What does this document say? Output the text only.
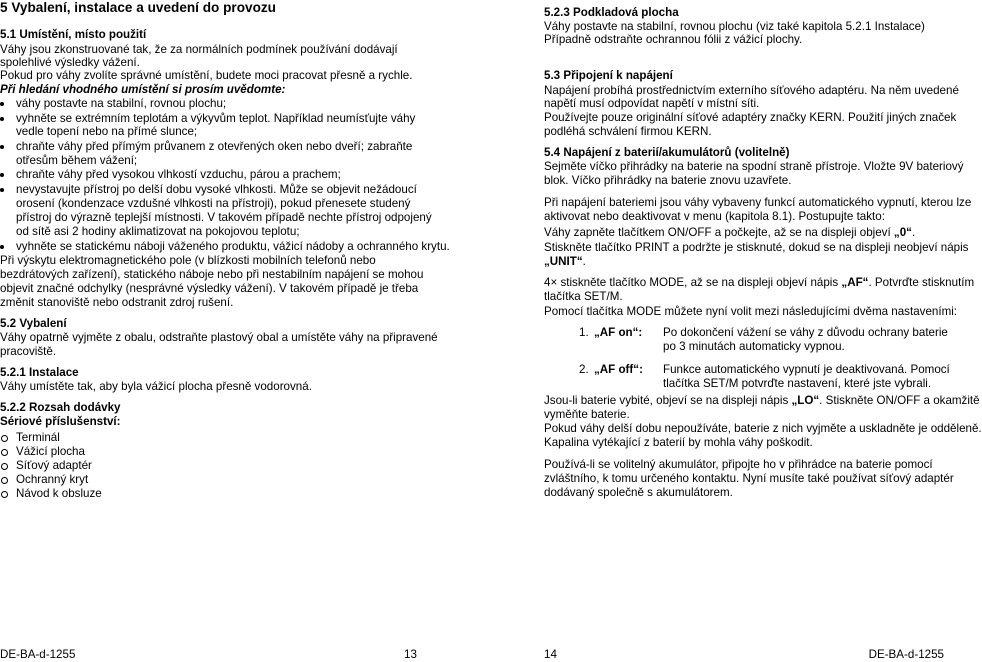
5 Vybalení, instalace a uvedení do provozu
5.1 Umístění, místo použití
Váhy jsou zkonstruované tak, že za normálních podmínek používání dodávají
spolehlivé výsledky vážení.
Pokud pro váhy zvolíte správné umístění, budete moci pracovat přesně a rychle.
Při hledání vhodného umístění si prosím uvědomte:
váhy postavte na stabilní, rovnou plochu;
vyhněte se extrémním teplotám a výkyvům teplot. Například neumísťujte váhy
vedle topení nebo na přímé slunce;
chraňte váhy před přímým průvanem z otevřených oken nebo dveří; zabraňte
otřesům během vážení;
chraňte váhy před vysokou vlhkostí vzduchu, párou a prachem;
nevystavujte přístroj po delší dobu vysoké vlhkosti. Může se objevit nežádoucí
orosení (kondenzace vzdušné vlhkosti na přístroji), pokud přenesete studený
přístroj do výrazně teplejší místnosti. V takovém případě nechte přístroj odpojený
od sítě asi 2 hodiny aklimatizovat na pokojovou teplotu;
vyhněte se statickému náboji váženého produktu, vážicí nádoby a ochranného krytu.
Při výskytu elektromagnetického pole (v blízkosti mobilních telefonů nebo
bezdrátových zařízení), statického náboje nebo při nestabilním napájení se mohou
objevit značné odchylky (nesprávné výsledky vážení). V takovém případě je třeba
změnit stanoviště nebo odstranit zdroj rušení.
5.2 Vybalení
Váhy opatrně vyjměte z obalu, odstraňte plastový obal a umístěte váhy na připravené
pracoviště.
5.2.1 Instalace
Váhy umístěte tak, aby byla vážicí plocha přesně vodorovná.
5.2.2 Rozsah dodávky
Sériové příslušenství:
Terminál
Vážicí plocha
Síťový adaptér
Ochranný kryt
Návod k obsluze
5.2.3 Podkladová plocha
Váhy postavte na stabilní, rovnou plochu (viz také kapitola 5.2.1 Instalace)
Případně odstraňte ochrannou fólii z vážicí plochy.
5.3 Připojení k napájení
Napájení probíhá prostřednictvím externího síťového adaptéru. Na něm uvedené
napětí musí odpovídat napětí v místní síti.
Používejte pouze originální síťové adaptéry značky KERN. Použití jiných značek
podléhá schválení firmou KERN.
5.4 Napájení z baterií/akumulátorů (volitelně)
Sejměte víčko přihrádky na baterie na spodní straně přístroje. Vložte 9V bateriový
blok. Víčko přihrádky na baterie znovu uzavřete.
Při napájení bateriemi jsou váhy vybaveny funkcí automatického vypnutí, kterou lze
aktivovat nebo deaktivovat v menu (kapitola 8.1). Postupujte takto:
Váhy zapněte tlačítkem ON/OFF a počkejte, až se na displeji objeví „0“.
Stiskněte tlačítko PRINT a podržte je stisknuté, dokud se na displeji neobjeví nápis
„UNIT“.
4× stiskněte tlačítko MODE, až se na displeji objeví nápis „AF“. Potvrďte stisknutím
tlačítka SET/M.
Pomocí tlačítka MODE můžete nyní volit mezi následujícími dvěma nastaveními:
1. „AF on“: Po dokončení vážení se váhy z důvodu ochrany baterie
po 3 minutách automaticky vypnou.
2. „AF off“: Funkce automatického vypnutí je deaktivovaná. Pomocí
tlačítka SET/M potvrďte nastavení, které jste vybrali.
Jsou-li baterie vybité, objeví se na displeji nápis „LO“. Stiskněte ON/OFF a okamžitě
vyměňte baterie.
Pokud váhy delší dobu nepoužíváte, baterie z nich vyjměte a uskladněte je odděleně.
Kapalina vytékající z baterií by mohla váhy poškodit.
Používá-li se volitelný akumulátor, připojte ho v přihrádce na baterie pomocí
zvláštního, k tomu určeného kontaktu. Nyní musíte také používat síťový adaptér
dodávaný společně s akumulátorem.
DE-BA-d-1255	13	14	DE-BA-d-1255
